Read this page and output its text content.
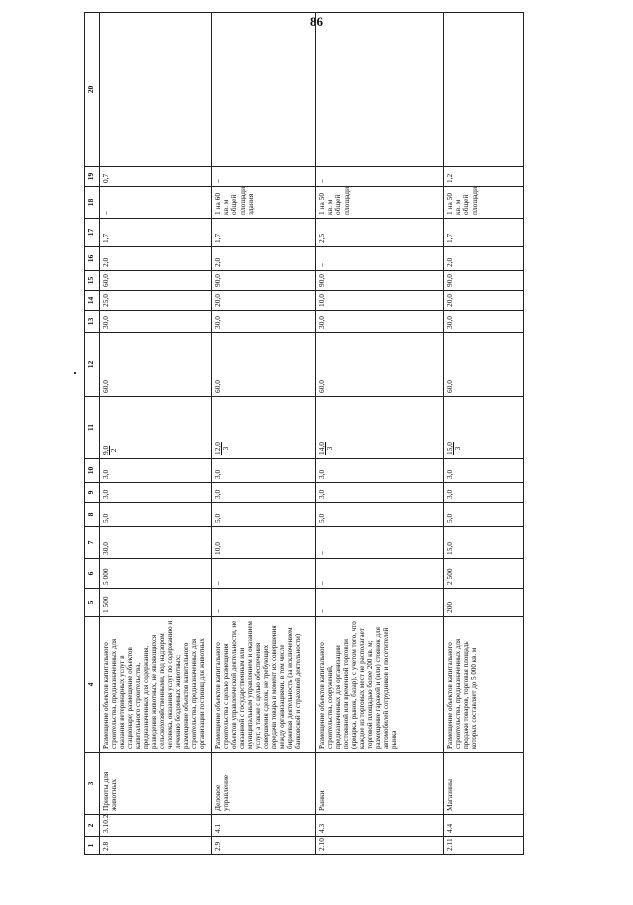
86
1	2	3	4	5	6	7	8	9	10	11	12	13	14	15	16	17	18	19	20
2.8	3.10.2	Приюты для животных	Размещение объектов капитального строительства, предназначенных для оказания ветеринарных услуг в стационаре; размещение объектов капитального строительства, предназначенных для содержания, разведения животных, не являющихся сельскохозяйственными, под надзором человека, оказания услуг по содержанию и лечению бездомных животных; размещение объектов капитального строительства, предназначенных для организации гостиниц для животных	1 500	5 000	30,0	5,0	3,0	3,0	9,0 2	60,0	30,0	25,0	60,0	2,0	1,7	–	0,7	
2.9	4.1	Деловое управление	Размещение объектов капитального строительства с целью размещения объектов управленческой деятельности, не связанной с государственным или муниципальным управлением и оказанием услуг, а также с целью обеспечения совершения сделок, не требующих передачи товара в момент их совершения между организациями, в том числе биржевая деятельность (за исключением банковской и страховой деятельности)	–	–	10,0	5,0	3,0	3,0	12,0 3	60,0	30,0	20,0	90,0	2,0	1,7	1 на 60 кв. м общей площади здания	–	
2.10	4.3	Рынки	Размещение объектов капитального строительства, сооружений, предназначенных для организации постоянной или временной торговли (ярмарка, рынок, базар), с учетом того, что каждое из торговых мест не располагает торговой площадью более 200 кв. м; размещение гаражей и (или) стоянок для автомобилей сотрудников и посетителей рынка	–	–	–	5,0	3,0	3,0	14,0 3	60,0	30,0	10,0	90,0	–	2,5	1 на 50 кв. м общей площади	–	
2.11	4.4	Магазины	Размещение объектов капитального строительства, предназначенных для продажи товаров, торговая площадь которых составляет до 5 000 кв. м	200	2 500	15,0	5,0	3,0	3,0	15,0 3	60,0	30,0	20,0	90,0	2,0	1,7	1 на 50 кв. м общей площади	1,2	
